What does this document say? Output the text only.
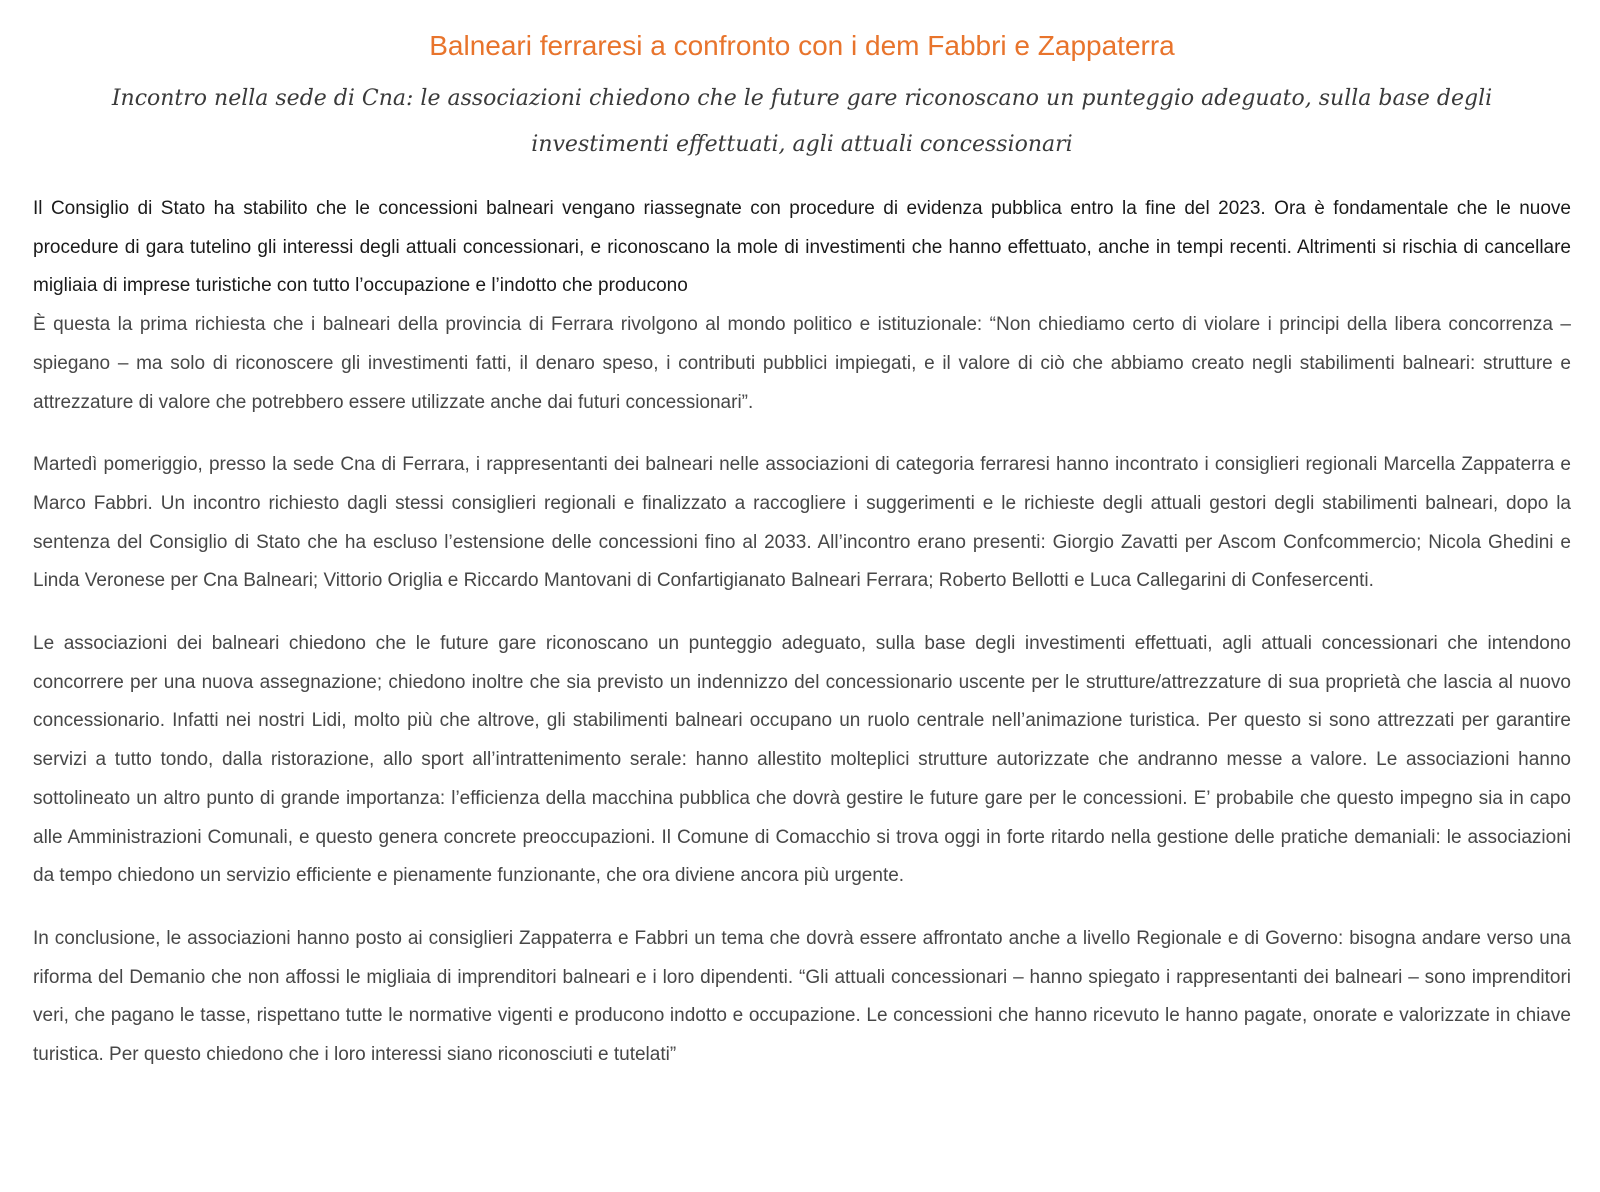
Balneari ferraresi a confronto con i dem Fabbri e Zappaterra
Incontro nella sede di Cna: le associazioni chiedono che le future gare riconoscano un punteggio adeguato, sulla base degli investimenti effettuati, agli attuali concessionari

Il Consiglio di Stato ha stabilito che le concessioni balneari vengano riassegnate con procedure di evidenza pubblica entro la fine del 2023. Ora è fondamentale che le nuove procedure di gara tutelino gli interessi degli attuali concessionari, e riconoscano la mole di investimenti che hanno effettuato, anche in tempi recenti. Altrimenti si rischia di cancellare migliaia di imprese turistiche con tutto l’occupazione e l’indotto che producono

È questa la prima richiesta che i balneari della provincia di Ferrara rivolgono al mondo politico e istituzionale: “Non chiediamo certo di violare i principi della libera concorrenza – spiegano – ma solo di riconoscere gli investimenti fatti, il denaro speso, i contributi pubblici impiegati, e il valore di ciò che abbiamo creato negli stabilimenti balneari: strutture e attrezzature di valore che potrebbero essere utilizzate anche dai futuri concessionari”.

Martedì pomeriggio, presso la sede Cna di Ferrara, i rappresentanti dei balneari nelle associazioni di categoria ferraresi hanno incontrato i consiglieri regionali Marcella Zappaterra e Marco Fabbri. Un incontro richiesto dagli stessi consiglieri regionali e finalizzato a raccogliere i suggerimenti e le richieste degli attuali gestori degli stabilimenti balneari, dopo la sentenza del Consiglio di Stato che ha escluso l’estensione delle concessioni fino al 2033. All’incontro erano presenti: Giorgio Zavatti per Ascom Confcommercio; Nicola Ghedini e Linda Veronese per Cna Balneari; Vittorio Origlia e Riccardo Mantovani di Confartigianato Balneari Ferrara; Roberto Bellotti e Luca Callegarini di Confesercenti.

Le associazioni dei balneari chiedono che le future gare riconoscano un punteggio adeguato, sulla base degli investimenti effettuati, agli attuali concessionari che intendono concorrere per una nuova assegnazione; chiedono inoltre che sia previsto un indennizzo del concessionario uscente per le strutture/attrezzature di sua proprietà che lascia al nuovo concessionario. Infatti nei nostri Lidi, molto più che altrove, gli stabilimenti balneari occupano un ruolo centrale nell’animazione turistica. Per questo si sono attrezzati per garantire servizi a tutto tondo, dalla ristorazione, allo sport all’intrattenimento serale: hanno allestito molteplici strutture autorizzate che andranno messe a valore. Le associazioni hanno sottolineato un altro punto di grande importanza: l’efficienza della macchina pubblica che dovrà gestire le future gare per le concessioni. E’ probabile che questo impegno sia in capo alle Amministrazioni Comunali, e questo genera concrete preoccupazioni. Il Comune di Comacchio si trova oggi in forte ritardo nella gestione delle pratiche demaniali: le associazioni da tempo chiedono un servizio efficiente e pienamente funzionante, che ora diviene ancora più urgente.

In conclusione, le associazioni hanno posto ai consiglieri Zappaterra e Fabbri un tema che dovrà essere affrontato anche a livello Regionale e di Governo: bisogna andare verso una riforma del Demanio che non affossi le migliaia di imprenditori balneari e i loro dipendenti. “Gli attuali concessionari – hanno spiegato i rappresentanti dei balneari – sono imprenditori veri, che pagano le tasse, rispettano tutte le normative vigenti e producono indotto e occupazione. Le concessioni che hanno ricevuto le hanno pagate, onorate e valorizzate in chiave turistica. Per questo chiedono che i loro interessi siano riconosciuti e tutelati”
